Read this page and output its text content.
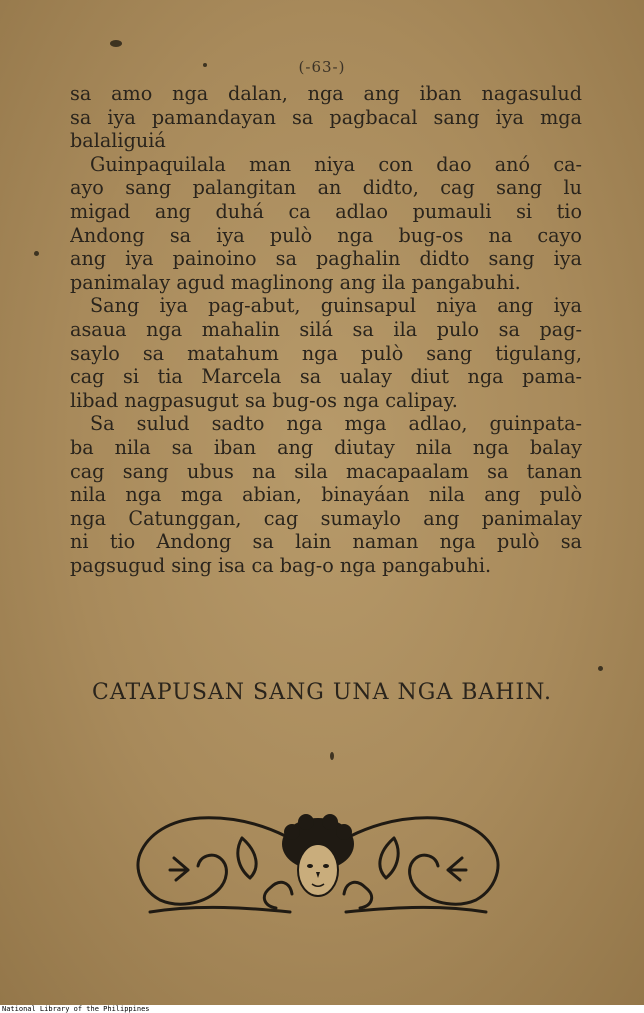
(-63-)
sa amo nga dalan, nga ang iban nagasulud
sa iya pamandayan sa pagbacal sang iya mga
balaliguiá
Guinpaquilala man niya con dao anó ca-
ayo sang palangitan an didto, cag sang lu
migad ang duhá ca adlao pumauli si tio
Andong sa iya pulò nga bug-os na cayo
ang iya painoino sa paghalin didto sang iya
panimalay agud maglinong ang ila pangabuhi.
Sang iya pag-abut, guinsapul niya ang iya
asaua nga mahalin silá sa ila pulo sa pag-
saylo sa matahum nga pulò sang tigulang,
cag si tia Marcela sa ualay diut nga pama-
libad nagpasugut sa bug-os nga calipay.
Sa sulud sadto nga mga adlao, guinpata-
ba nila sa iban ang diutay nila nga balay
cag sang ubus na sila macapaalam sa tanan
nila nga mga abian, binayáan nila ang pulò
nga Catunggan, cag sumaylo ang panimalay
ni tio Andong sa lain naman nga pulò sa
pagsugud sing isa ca bag-o nga pangabuhi.
CATAPUSAN SANG UNA NGA BAHIN.
National Library of the Philippines
